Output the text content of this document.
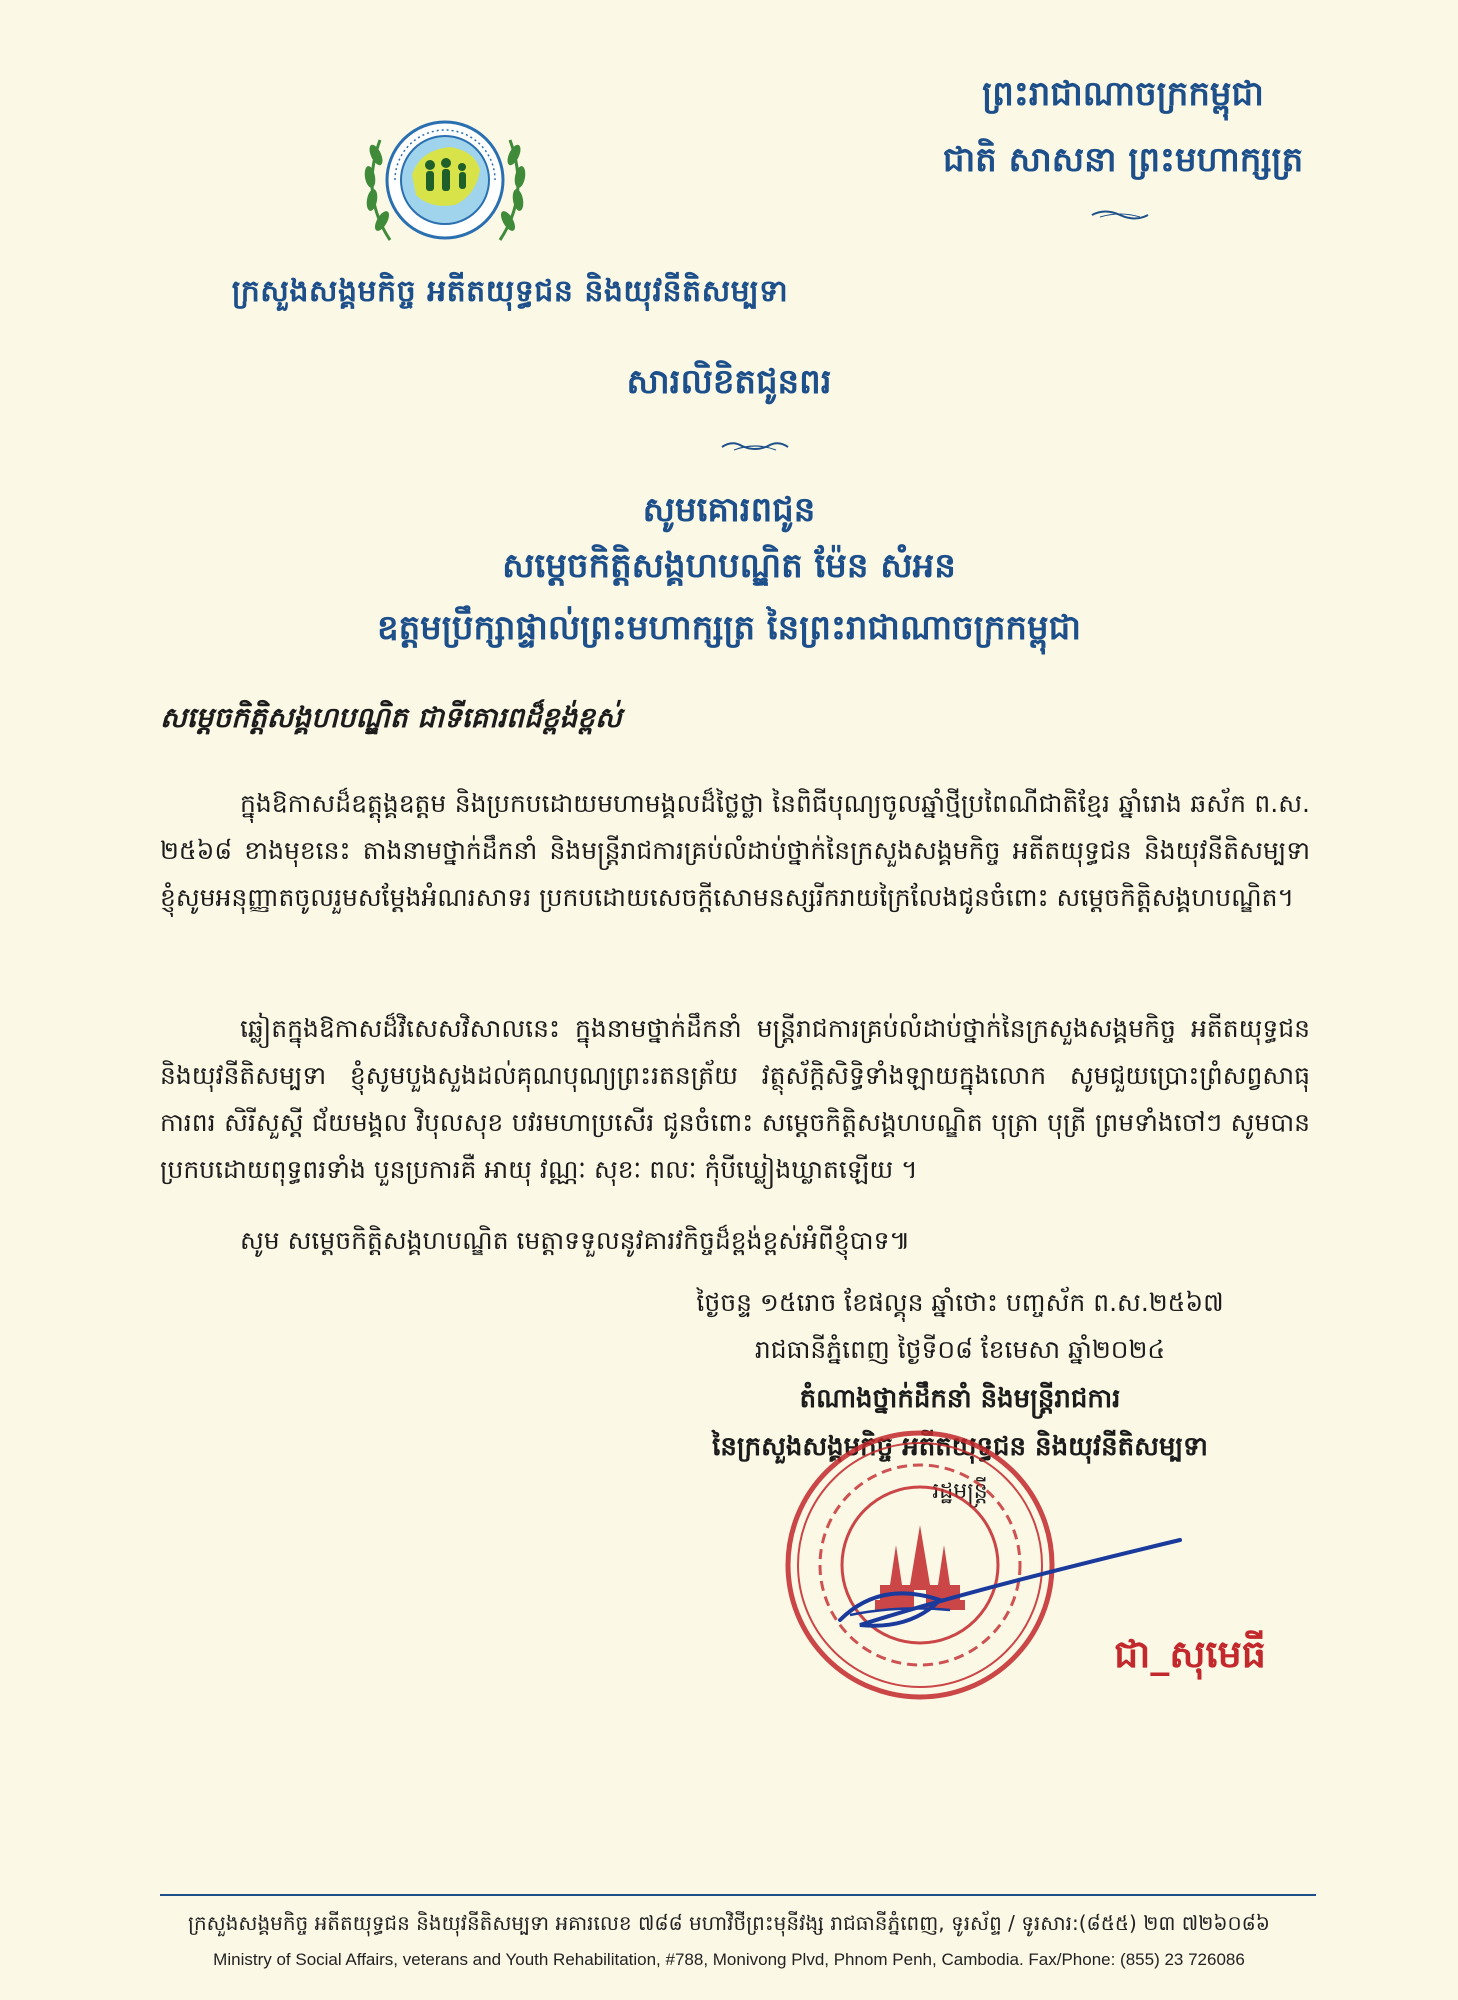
ក្រសួងសង្គមកិច្ច អតីតយុទ្ធជន និងយុវនីតិសម្បទា
ព្រះរាជាណាចក្រកម្ពុជា
ជាតិ សាសនា ព្រះមហាក្សត្រ
សារលិខិតជូនពរ
សូមគោរពជូន
សម្តេចកិត្តិសង្គហបណ្ឌិត ម៉ែន សំអន
ឧត្តមប្រឹក្សាផ្ទាល់ព្រះមហាក្សត្រ នៃព្រះរាជាណាចក្រកម្ពុជា
សម្តេចកិត្តិសង្គហបណ្ឌិត ជាទីគោរពដ៏ខ្ពង់ខ្ពស់
ក្នុងឱកាសដ៏ឧត្តុង្គឧត្តម និងប្រកបដោយមហាមង្គលដ៏ថ្លៃថ្លា នៃពិធីបុណ្យចូលឆ្នាំថ្មីប្រពៃណីជាតិខ្មែរ ឆ្នាំរោង ឆស័ក ព.ស. ២៥៦៨ ខាងមុខនេះ តាងនាមថ្នាក់ដឹកនាំ និងមន្ត្រីរាជការគ្រប់លំដាប់ថ្នាក់នៃក្រសួងសង្គមកិច្ច អតីតយុទ្ធជន និងយុវនីតិសម្បទា ខ្ញុំសូមអនុញ្ញាតចូលរួមសម្តែងអំណរសាទរ ប្រកបដោយសេចក្តីសោមនស្សរីករាយក្រៃលែងជូនចំពោះ សម្តេចកិត្តិសង្គហបណ្ឌិត។
ឆ្លៀតក្នុងឱកាសដ៏វិសេសវិសាលនេះ ក្នុងនាមថ្នាក់ដឹកនាំ មន្ត្រីរាជការគ្រប់លំដាប់ថ្នាក់នៃក្រសួងសង្គមកិច្ច អតីតយុទ្ធជន និងយុវនីតិសម្បទា ខ្ញុំសូមបួងសួងដល់គុណបុណ្យព្រះរតនត្រ័យ វត្ថុស័ក្តិសិទ្ធិទាំងឡាយក្នុងលោក សូមជួយប្រោះព្រំសព្វសាធុការពរ សិរីសួស្តី ជ័យមង្គល វិបុលសុខ បវរមហាប្រសើរ ជូនចំពោះ សម្តេចកិត្តិសង្គហបណ្ឌិត បុត្រា បុត្រី ព្រមទាំងចៅៗ សូមបានប្រកបដោយពុទ្ធពរទាំង បួនប្រការគឺ អាយុ វណ្ណៈ សុខៈ ពលៈ កុំបីឃ្លៀងឃ្លាតឡើយ ។
សូម សម្តេចកិត្តិសង្គហបណ្ឌិត មេត្តាទទួលនូវគារវកិច្ចដ៏ខ្ពង់ខ្ពស់អំពីខ្ញុំបាទ៕
ថ្ងៃចន្ទ ១៥រោច ខែផល្គុន ឆ្នាំថោះ បញ្ចស័ក ព.ស.២៥៦៧
រាជធានីភ្នំពេញ ថ្ងៃទី០៨ ខែមេសា ឆ្នាំ២០២៤
តំណាងថ្នាក់ដឹកនាំ និងមន្ត្រីរាជការ
នៃក្រសួងសង្គមកិច្ច អតីតយុទ្ធជន និងយុវនីតិសម្បទា
រដ្ឋមន្ត្រី
ជា_សុមេធី
ក្រសួងសង្គមកិច្ច អតីតយុទ្ធជន និងយុវនីតិសម្បទា អគារលេខ ៧៨៨ មហាវិថីព្រះមុនីវង្ស រាជធានីភ្នំពេញ, ទូរស័ព្ទ / ទូរសារ:(៨៥៥) ២៣ ៧២៦០៨៦
Ministry of Social Affairs, veterans and Youth Rehabilitation, #788, Monivong Plvd, Phnom Penh, Cambodia. Fax/Phone: (855) 23 726086
